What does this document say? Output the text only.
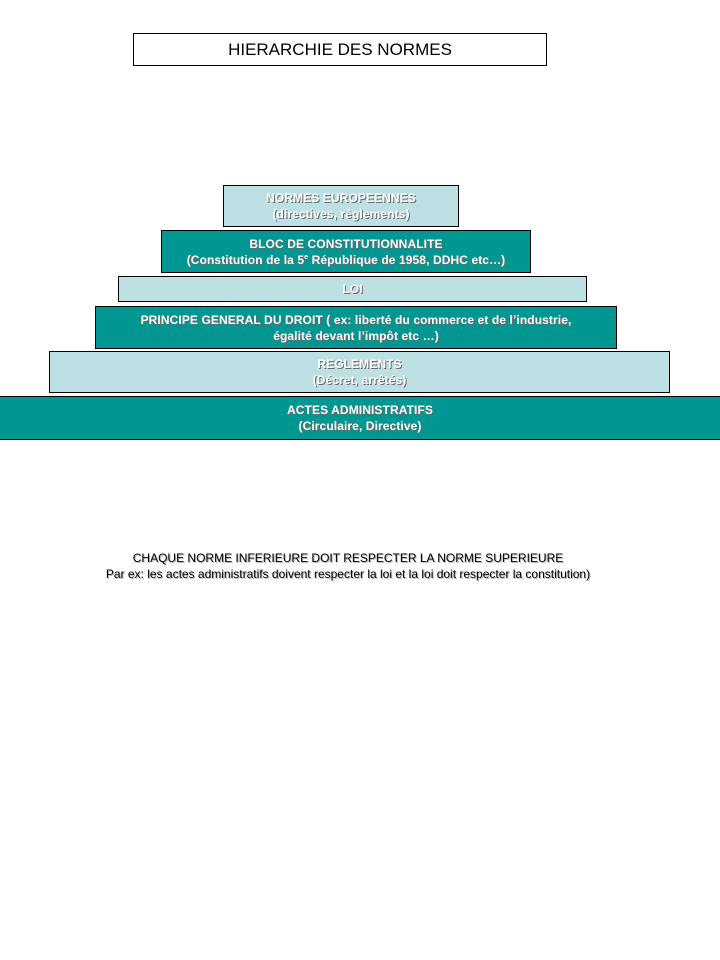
HIERARCHIE DES NORMES
NORMES EUROPEENNES
(directives, règlements)
BLOC DE CONSTITUTIONNALITE
(Constitution de la 5e République de 1958, DDHC etc…)
LOI
PRINCIPE GENERAL DU DROIT ( ex: liberté du commerce et de l’industrie,
égalité devant l’impôt etc …)
REGLEMENTS
(Décret, arrêtés)
ACTES ADMINISTRATIFS
(Circulaire, Directive)
CHAQUE NORME INFERIEURE DOIT RESPECTER LA NORME SUPERIEURE
Par ex: les actes administratifs doivent respecter la loi et la loi doit respecter la constitution)
